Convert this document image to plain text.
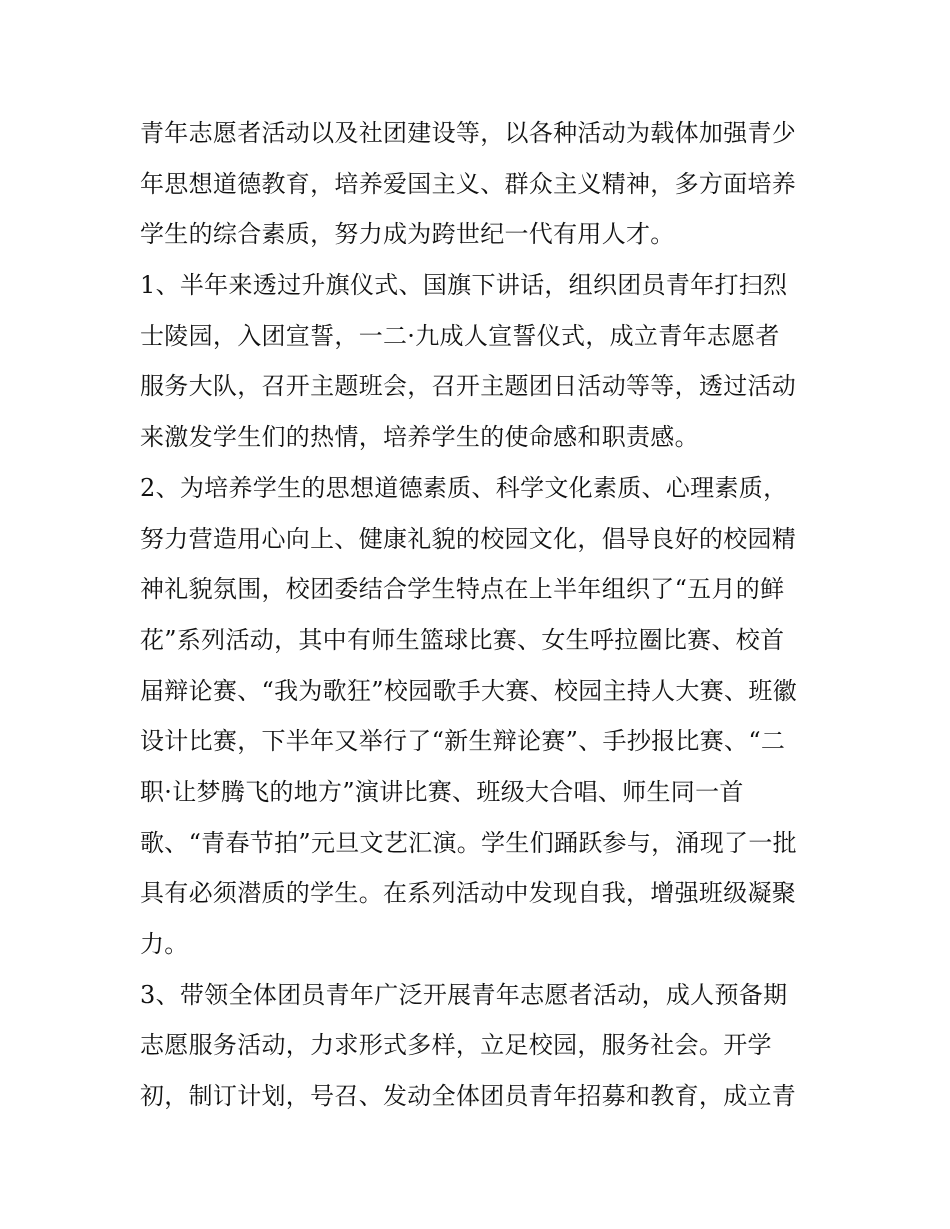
青年志愿者活动以及社团建设等，以各种活动为载体加强青少
年思想道德教育，培养爱国主义、群众主义精神，多方面培养
学生的综合素质，努力成为跨世纪一代有用人才。

1、半年来透过升旗仪式、国旗下讲话，组织团员青年打扫烈
士陵园，入团宣誓，一二·九成人宣誓仪式，成立青年志愿者
服务大队，召开主题班会，召开主题团日活动等等，透过活动
来激发学生们的热情，培养学生的使命感和职责感。

2、为培养学生的思想道德素质、科学文化素质、心理素质，
努力营造用心向上、健康礼貌的校园文化，倡导良好的校园精
神礼貌氛围，校团委结合学生特点在上半年组织了“五月的鲜
花”系列活动，其中有师生篮球比赛、女生呼拉圈比赛、校首
届辩论赛、“我为歌狂”校园歌手大赛、校园主持人大赛、班徽
设计比赛，下半年又举行了“新生辩论赛”、手抄报比赛、“二
职·让梦腾飞的地方”演讲比赛、班级大合唱、师生同一首
歌、“青春节拍”元旦文艺汇演。学生们踊跃参与，涌现了一批
具有必须潜质的学生。在系列活动中发现自我，增强班级凝聚
力。

3、带领全体团员青年广泛开展青年志愿者活动，成人预备期
志愿服务活动，力求形式多样，立足校园，服务社会。开学
初，制订计划，号召、发动全体团员青年招募和教育，成立青
